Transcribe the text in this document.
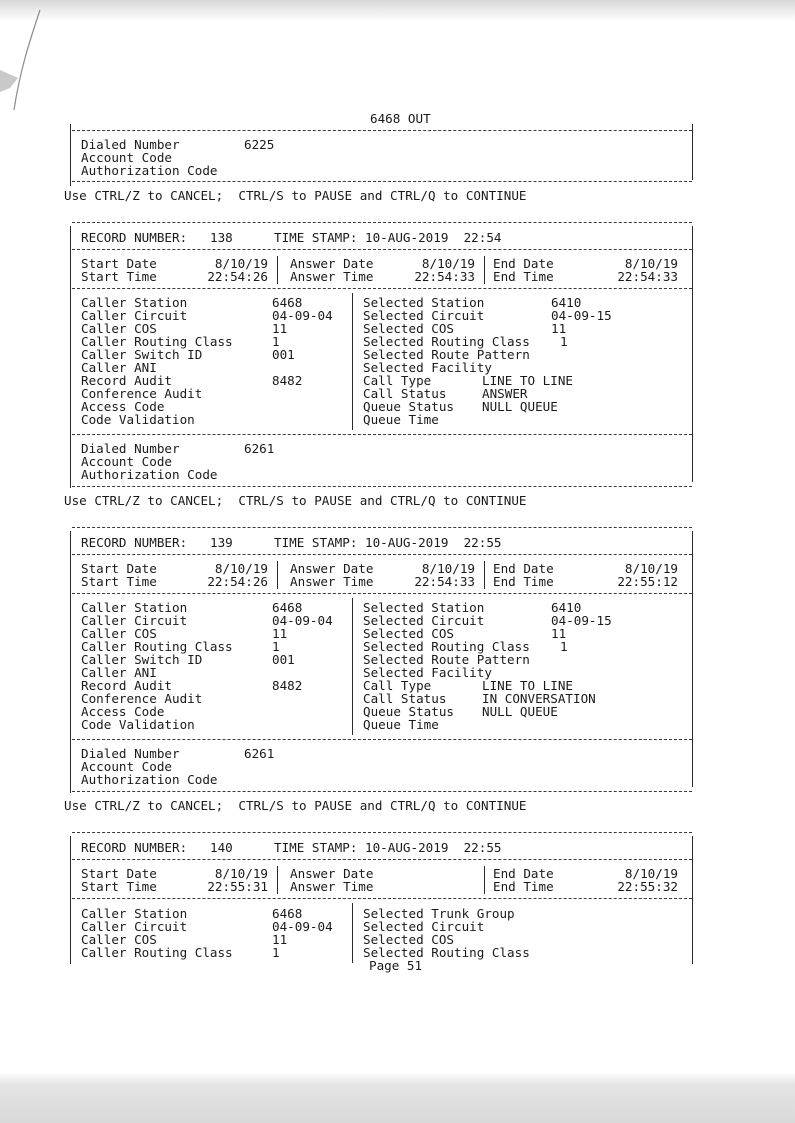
6468 OUT
Dialed Number	6225
Account Code
Authorization Code
Use CTRL/Z to CANCEL;  CTRL/S to PAUSE and CTRL/Q to CONTINUE
RECORD NUMBER: 138	TIME STAMP: 10-AUG-2019  22:54
Start Date	8/10/19 Answer Date	8/10/19 End Date	8/10/19
Start Time	22:54:26 Answer Time	22:54:33 End Time	22:54:33
Caller Station	6468	Selected Station	6410
Caller Circuit	04-09-04 Selected Circuit	04-09-15
Caller COS	11	Selected COS	11
Caller Routing Class	1	Selected Routing Class 1
Caller Switch ID	001	Selected Route Pattern
Caller ANI	Selected Facility
Record Audit	8482	Call Type	LINE TO LINE
Conference Audit	Call Status	ANSWER
Access Code	Queue Status NULL QUEUE
Code Validation	Queue Time
Dialed Number	6261
Account Code
Authorization Code
Use CTRL/Z to CANCEL;  CTRL/S to PAUSE and CTRL/Q to CONTINUE
RECORD NUMBER: 139	TIME STAMP: 10-AUG-2019  22:55
Start Date	8/10/19 Answer Date	8/10/19 End Date	8/10/19
Start Time	22:54:26 Answer Time	22:54:33 End Time	22:55:12
Caller Station	6468	Selected Station	6410
Caller Circuit	04-09-04 Selected Circuit	04-09-15
Caller COS	11	Selected COS	11
Caller Routing Class	1	Selected Routing Class 1
Caller Switch ID	001	Selected Route Pattern
Caller ANI	Selected Facility
Record Audit	8482	Call Type	LINE TO LINE
Conference Audit	Call Status	IN CONVERSATION
Access Code	Queue Status NULL QUEUE
Code Validation	Queue Time
Dialed Number	6261
Account Code
Authorization Code
Use CTRL/Z to CANCEL;  CTRL/S to PAUSE and CTRL/Q to CONTINUE
RECORD NUMBER: 140	TIME STAMP: 10-AUG-2019  22:55
Start Date	8/10/19 Answer Date	End Date	8/10/19
Start Time	22:55:31 Answer Time	End Time	22:55:32
Caller Station	6468	Selected Trunk Group
Caller Circuit	04-09-04 Selected Circuit
Caller COS	11	Selected COS
Caller Routing Class	1	Selected Routing Class
Page 51
